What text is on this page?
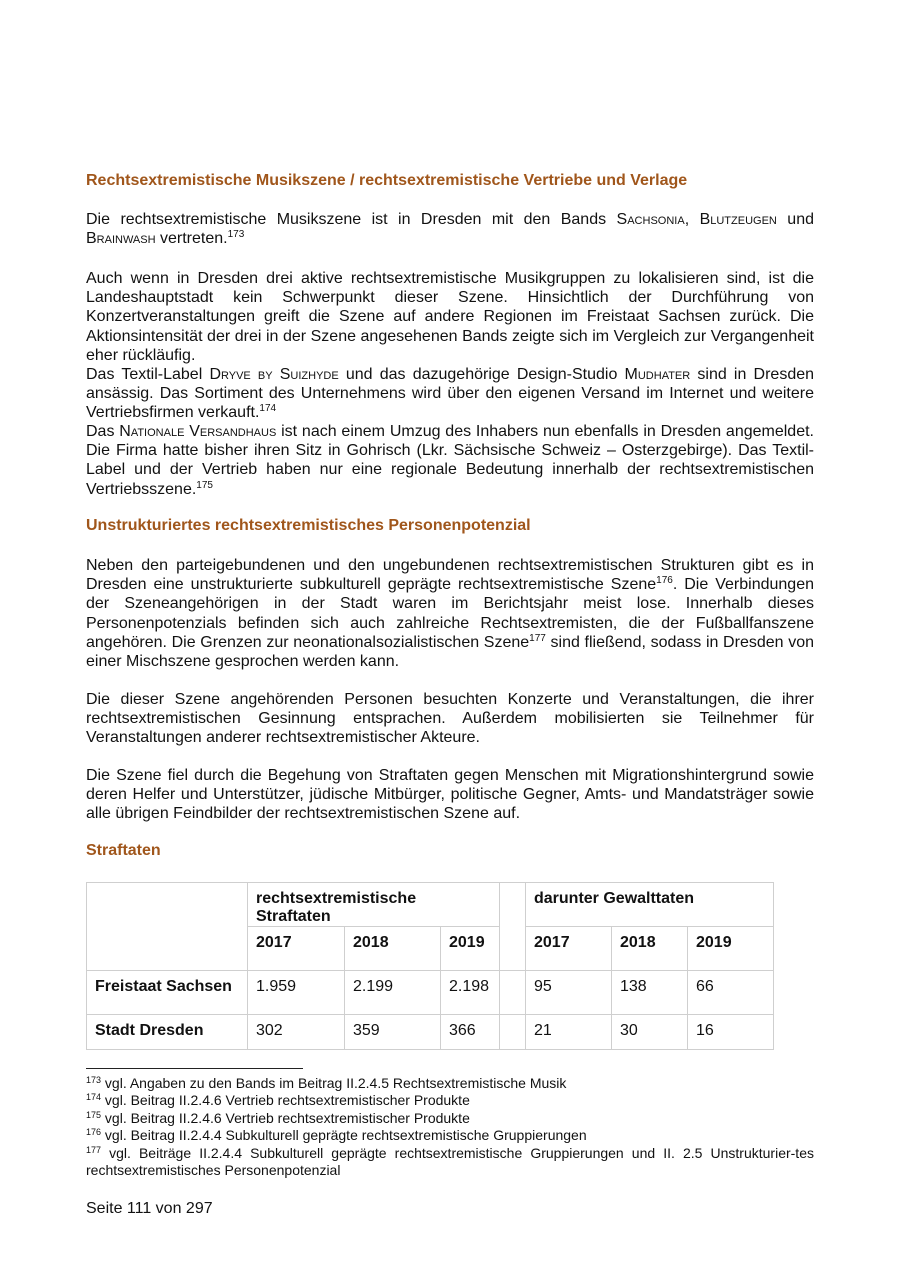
Rechtsextremistische Musikszene / rechtsextremistische Vertriebe und Verlage

Die rechtsextremistische Musikszene ist in Dresden mit den Bands Sachsonia, Blutzeugen und Brainwash vertreten.$^{173}$

Auch wenn in Dresden drei aktive rechtsextremistische Musikgruppen zu lokalisieren sind, ist die Landeshauptstadt kein Schwerpunkt dieser Szene. Hinsichtlich der Durchführung von Konzertveranstaltungen greift die Szene auf andere Regionen im Freistaat Sachsen zurück. Die Aktionsintensität der drei in der Szene angesehenen Bands zeigte sich im Vergleich zur Vergangenheit eher rückläufig.

Das Textil-Label Dryve by Suizhyde und das dazugehörige Design-Studio Mudhater sind in Dresden ansässig. Das Sortiment des Unternehmens wird über den eigenen Versand im Internet und weitere Vertriebsfirmen verkauft.$^{174}$

Das Nationale Versandhaus ist nach einem Umzug des Inhabers nun ebenfalls in Dresden angemeldet. Die Firma hatte bisher ihren Sitz in Gohrisch (Lkr. Sächsische Schweiz – Osterzgebirge). Das Textil-Label und der Vertrieb haben nur eine regionale Bedeutung innerhalb der rechtsextremistischen Vertriebsszene.$^{175}$

Unstrukturiertes rechtsextremistisches Personenpotenzial

Neben den parteigebundenen und den ungebundenen rechtsextremistischen Strukturen gibt es in Dresden eine unstrukturierte subkulturell geprägte rechtsextremistische Szene$^{176}$. Die Verbindungen der Szeneangehörigen in der Stadt waren im Berichtsjahr meist lose. Innerhalb dieses Personenpotenzials befinden sich auch zahlreiche Rechtsextremisten, die der Fußballfanszene angehören. Die Grenzen zur neonationalsozialistischen Szene$^{177}$ sind fließend, sodass in Dresden von einer Mischszene gesprochen werden kann.

Die dieser Szene angehörenden Personen besuchten Konzerte und Veranstaltungen, die ihrer rechtsextremistischen Gesinnung entsprachen. Außerdem mobilisierten sie Teilnehmer für Veranstaltungen anderer rechtsextremistischer Akteure.

Die Szene fiel durch die Begehung von Straftaten gegen Menschen mit Migrationshintergrund sowie deren Helfer und Unterstützer, jüdische Mitbürger, politische Gegner, Amts- und Mandatsträger sowie alle übrigen Feindbilder der rechtsextremistischen Szene auf.

Straftaten
	rechtsextremistische Straftaten				darunter Gewalttaten		
	2017	2018	2019		2017	2018	2019
Freistaat Sachsen	1.959	2.199	2.198		95	138	66
Stadt Dresden	302	359	366		21	30	16

$^{173}$ vgl. Angaben zu den Bands im Beitrag II.2.4.5 Rechtsextremistische Musik

$^{174}$ vgl. Beitrag II.2.4.6 Vertrieb rechtsextremistischer Produkte

$^{175}$ vgl. Beitrag II.2.4.6 Vertrieb rechtsextremistischer Produkte

$^{176}$ vgl. Beitrag II.2.4.4 Subkulturell geprägte rechtsextremistische Gruppierungen

$^{177}$ vgl. Beiträge II.2.4.4 Subkulturell geprägte rechtsextremistische Gruppierungen und II. 2.5 Unstrukturier-tes rechtsextremistisches Personenpotenzial

Seite 111 von 297
